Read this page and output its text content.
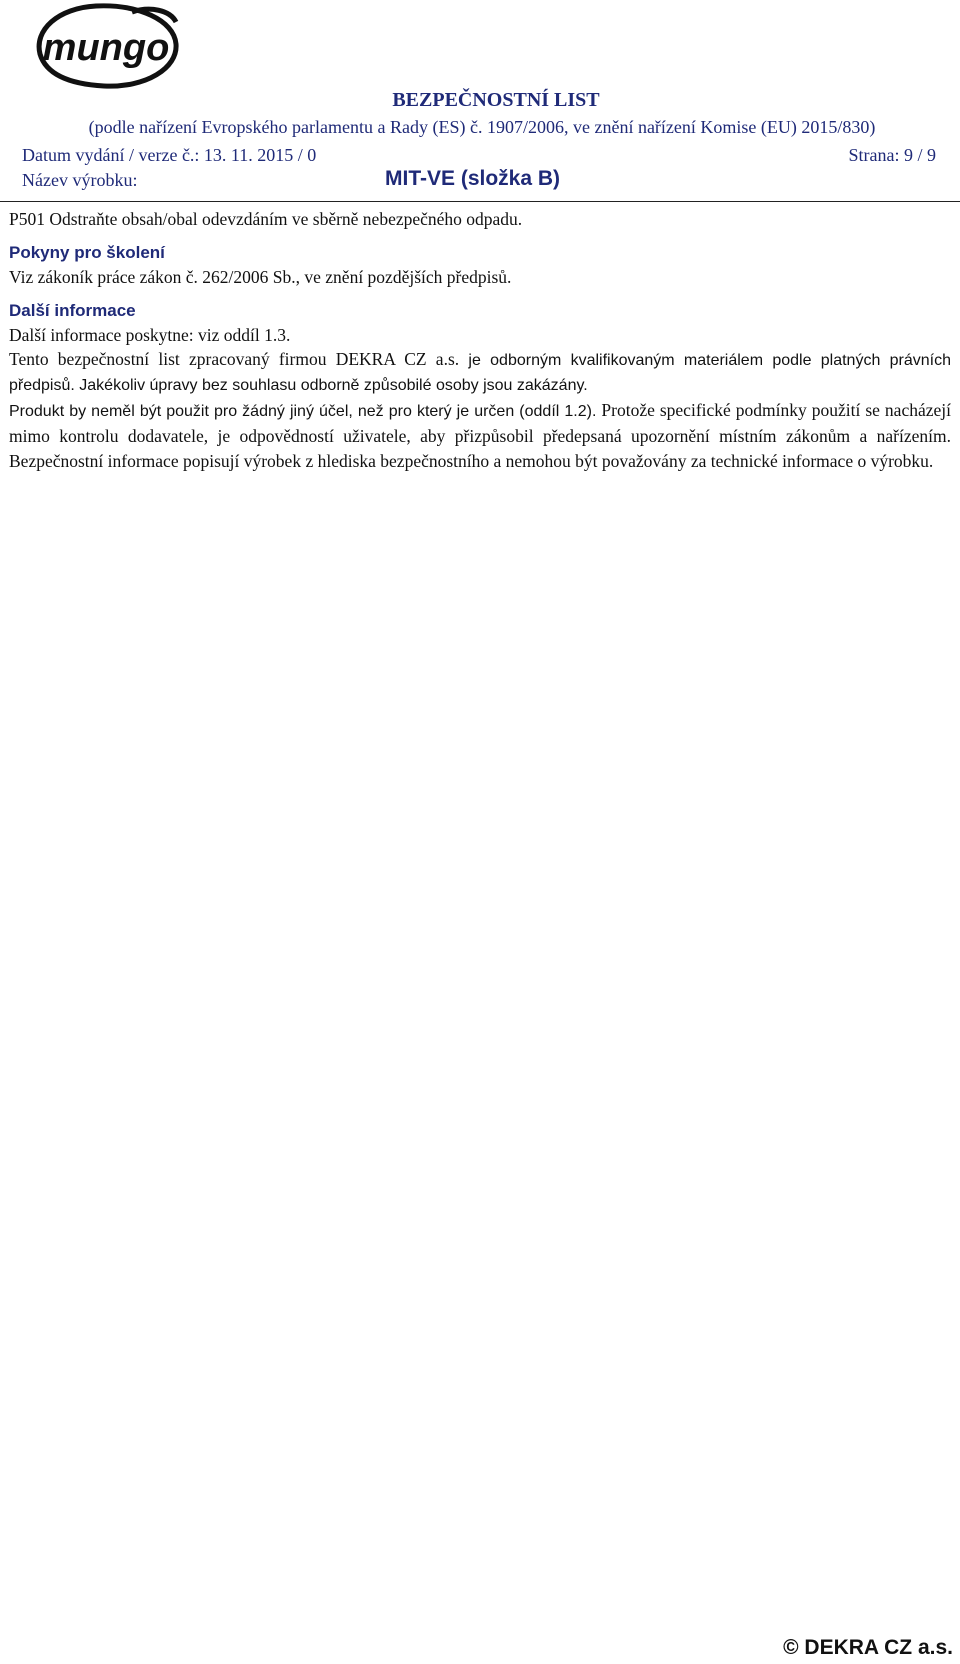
mungo
BEZPEČNOSTNÍ LIST
(podle nařízení Evropského parlamentu a Rady (ES) č. 1907/2006, ve znění nařízení Komise (EU) 2015/830)
Datum vydání / verze č.: 13. 11. 2015 / 0	Strana: 9 / 9
Název výrobku:	MIT-VE (složka B)

P501 Odstraňte obsah/obal odevzdáním ve sběrně nebezpečného odpadu.

Pokyny pro školení

Viz zákoník práce zákon č. 262/2006 Sb., ve znění pozdějších předpisů.

Další informace

Další informace poskytne: viz oddíl 1.3.

Tento bezpečnostní list zpracovaný firmou DEKRA CZ a.s. je odborným kvalifikovaným materiálem podle platných právních předpisů. Jakékoliv úpravy bez souhlasu odborně způsobilé osoby jsou zakázány.

Produkt by neměl být použit pro žádný jiný účel, než pro který je určen (oddíl 1.2). Protože specifické podmínky použití se nacházejí mimo kontrolu dodavatele, je odpovědností uživatele, aby přizpůsobil předepsaná upozornění místním zákonům a nařízením. Bezpečnostní informace popisují výrobek z hlediska bezpečnostního a nemohou být považovány za technické informace o výrobku.

© DEKRA CZ a.s.
